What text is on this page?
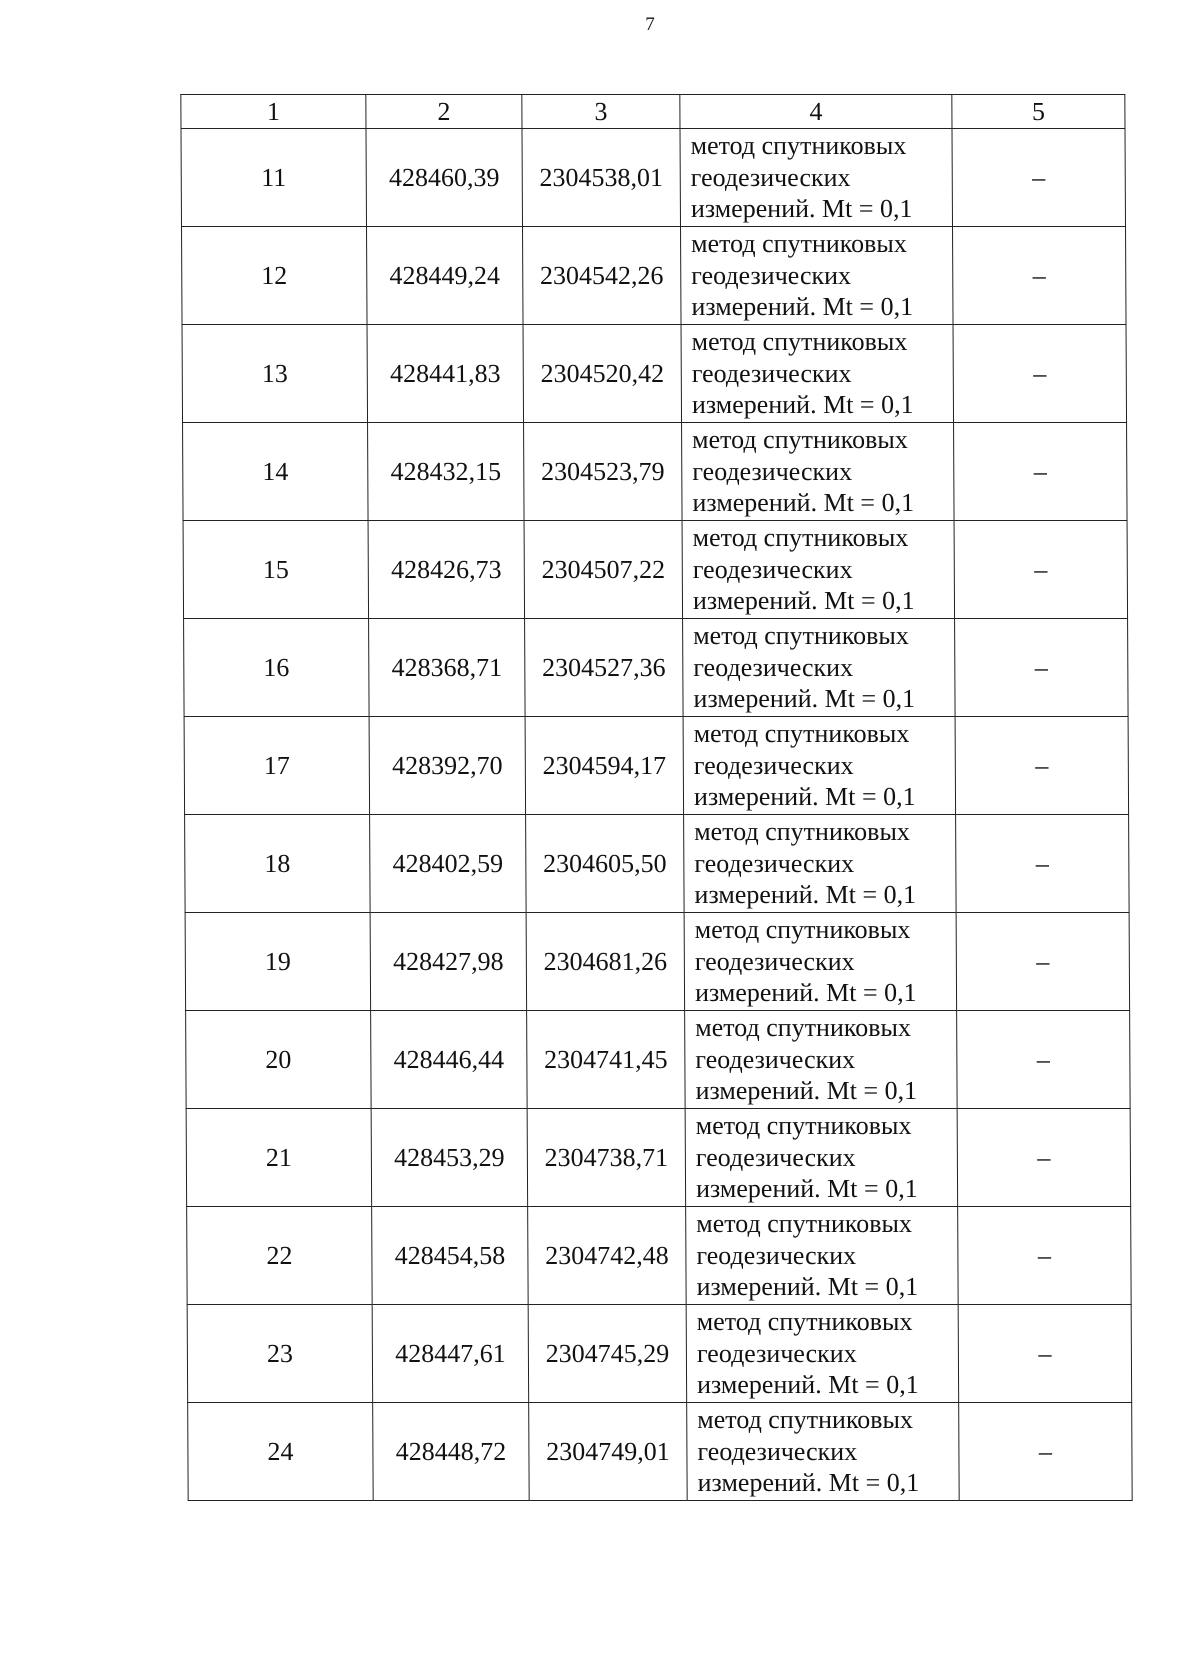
7
1	2	3	4	5
11	428460,39	2304538,01	метод спутниковых
геодезических
измерений. Mt = 0,1	–
12	428449,24	2304542,26	метод спутниковых
геодезических
измерений. Mt = 0,1	–
13	428441,83	2304520,42	метод спутниковых
геодезических
измерений. Mt = 0,1	–
14	428432,15	2304523,79	метод спутниковых
геодезических
измерений. Mt = 0,1	–
15	428426,73	2304507,22	метод спутниковых
геодезических
измерений. Mt = 0,1	–
16	428368,71	2304527,36	метод спутниковых
геодезических
измерений. Mt = 0,1	–
17	428392,70	2304594,17	метод спутниковых
геодезических
измерений. Mt = 0,1	–
18	428402,59	2304605,50	метод спутниковых
геодезических
измерений. Mt = 0,1	–
19	428427,98	2304681,26	метод спутниковых
геодезических
измерений. Mt = 0,1	–
20	428446,44	2304741,45	метод спутниковых
геодезических
измерений. Mt = 0,1	–
21	428453,29	2304738,71	метод спутниковых
геодезических
измерений. Mt = 0,1	–
22	428454,58	2304742,48	метод спутниковых
геодезических
измерений. Mt = 0,1	–
23	428447,61	2304745,29	метод спутниковых
геодезических
измерений. Mt = 0,1	–
24	428448,72	2304749,01	метод спутниковых
геодезических
измерений. Mt = 0,1	–
